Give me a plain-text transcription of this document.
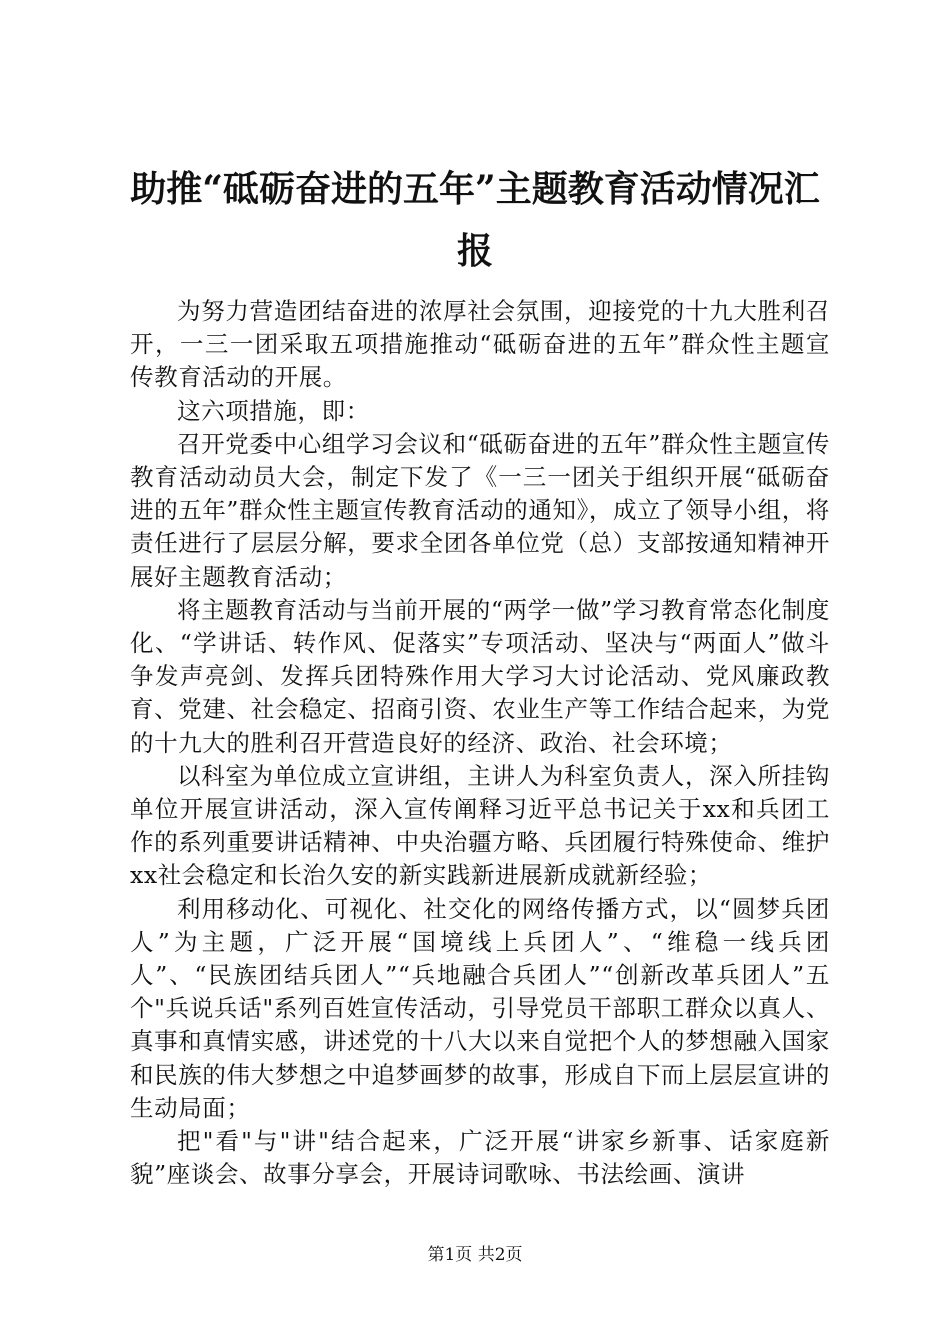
助推“砥砺奋进的五年”主题教育活动情况汇报

为努力营造团结奋进的浓厚社会氛围，迎接党的十九大胜利召开，一三一团采取五项措施推动“砥砺奋进的五年”群众性主题宣传教育活动的开展。

这六项措施，即：

召开党委中心组学习会议和“砥砺奋进的五年”群众性主题宣传教育活动动员大会，制定下发了《一三一团关于组织开展“砥砺奋进的五年”群众性主题宣传教育活动的通知》，成立了领导小组，将责任进行了层层分解，要求全团各单位党（总）支部按通知精神开展好主题教育活动；

将主题教育活动与当前开展的“两学一做”学习教育常态化制度化、“学讲话、转作风、促落实”专项活动、坚决与“两面人”做斗争发声亮剑、发挥兵团特殊作用大学习大讨论活动、党风廉政教育、党建、社会稳定、招商引资、农业生产等工作结合起来，为党的十九大的胜利召开营造良好的经济、政治、社会环境；

以科室为单位成立宣讲组，主讲人为科室负责人，深入所挂钩单位开展宣讲活动，深入宣传阐释习近平总书记关于xx和兵团工作的系列重要讲话精神、中央治疆方略、兵团履行特殊使命、维护xx社会稳定和长治久安的新实践新进展新成就新经验；

利用移动化、可视化、社交化的网络传播方式，以“圆梦兵团人”为主题，广泛开展“国境线上兵团人”、“维稳一线兵团人”、“民族团结兵团人”“兵地融合兵团人”“创新改革兵团人”五个"兵说兵话"系列百姓宣传活动，引导党员干部职工群众以真人、真事和真情实感，讲述党的十八大以来自觉把个人的梦想融入国家和民族的伟大梦想之中追梦画梦的故事，形成自下而上层层宣讲的生动局面；

把"看"与"讲"结合起来，广泛开展“讲家乡新事、话家庭新貌”座谈会、故事分享会，开展诗词歌咏、书法绘画、演讲

第1页 共2页
